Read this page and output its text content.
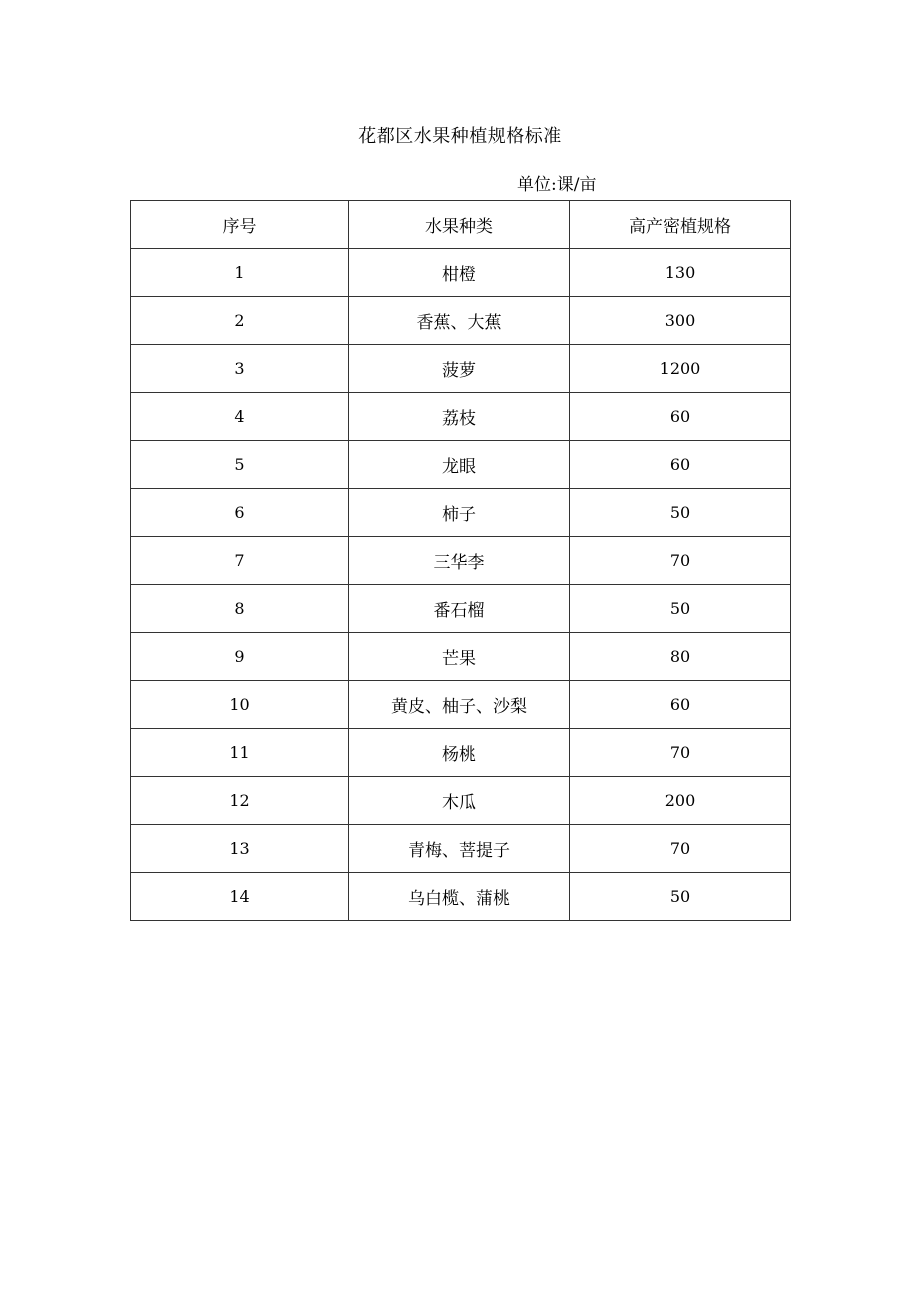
花都区水果种植规格标准
单位:课/亩
序号	水果种类	高产密植规格
1	柑橙	130
2	香蕉、大蕉	300
3	菠萝	1200
4	荔枝	60
5	龙眼	60
6	柿子	50
7	三华李	70
8	番石榴	50
9	芒果	80
10	黄皮、柚子、沙梨	60
11	杨桃	70
12	木瓜	200
13	青梅、菩提子	70
14	乌白榄、蒲桃	50
